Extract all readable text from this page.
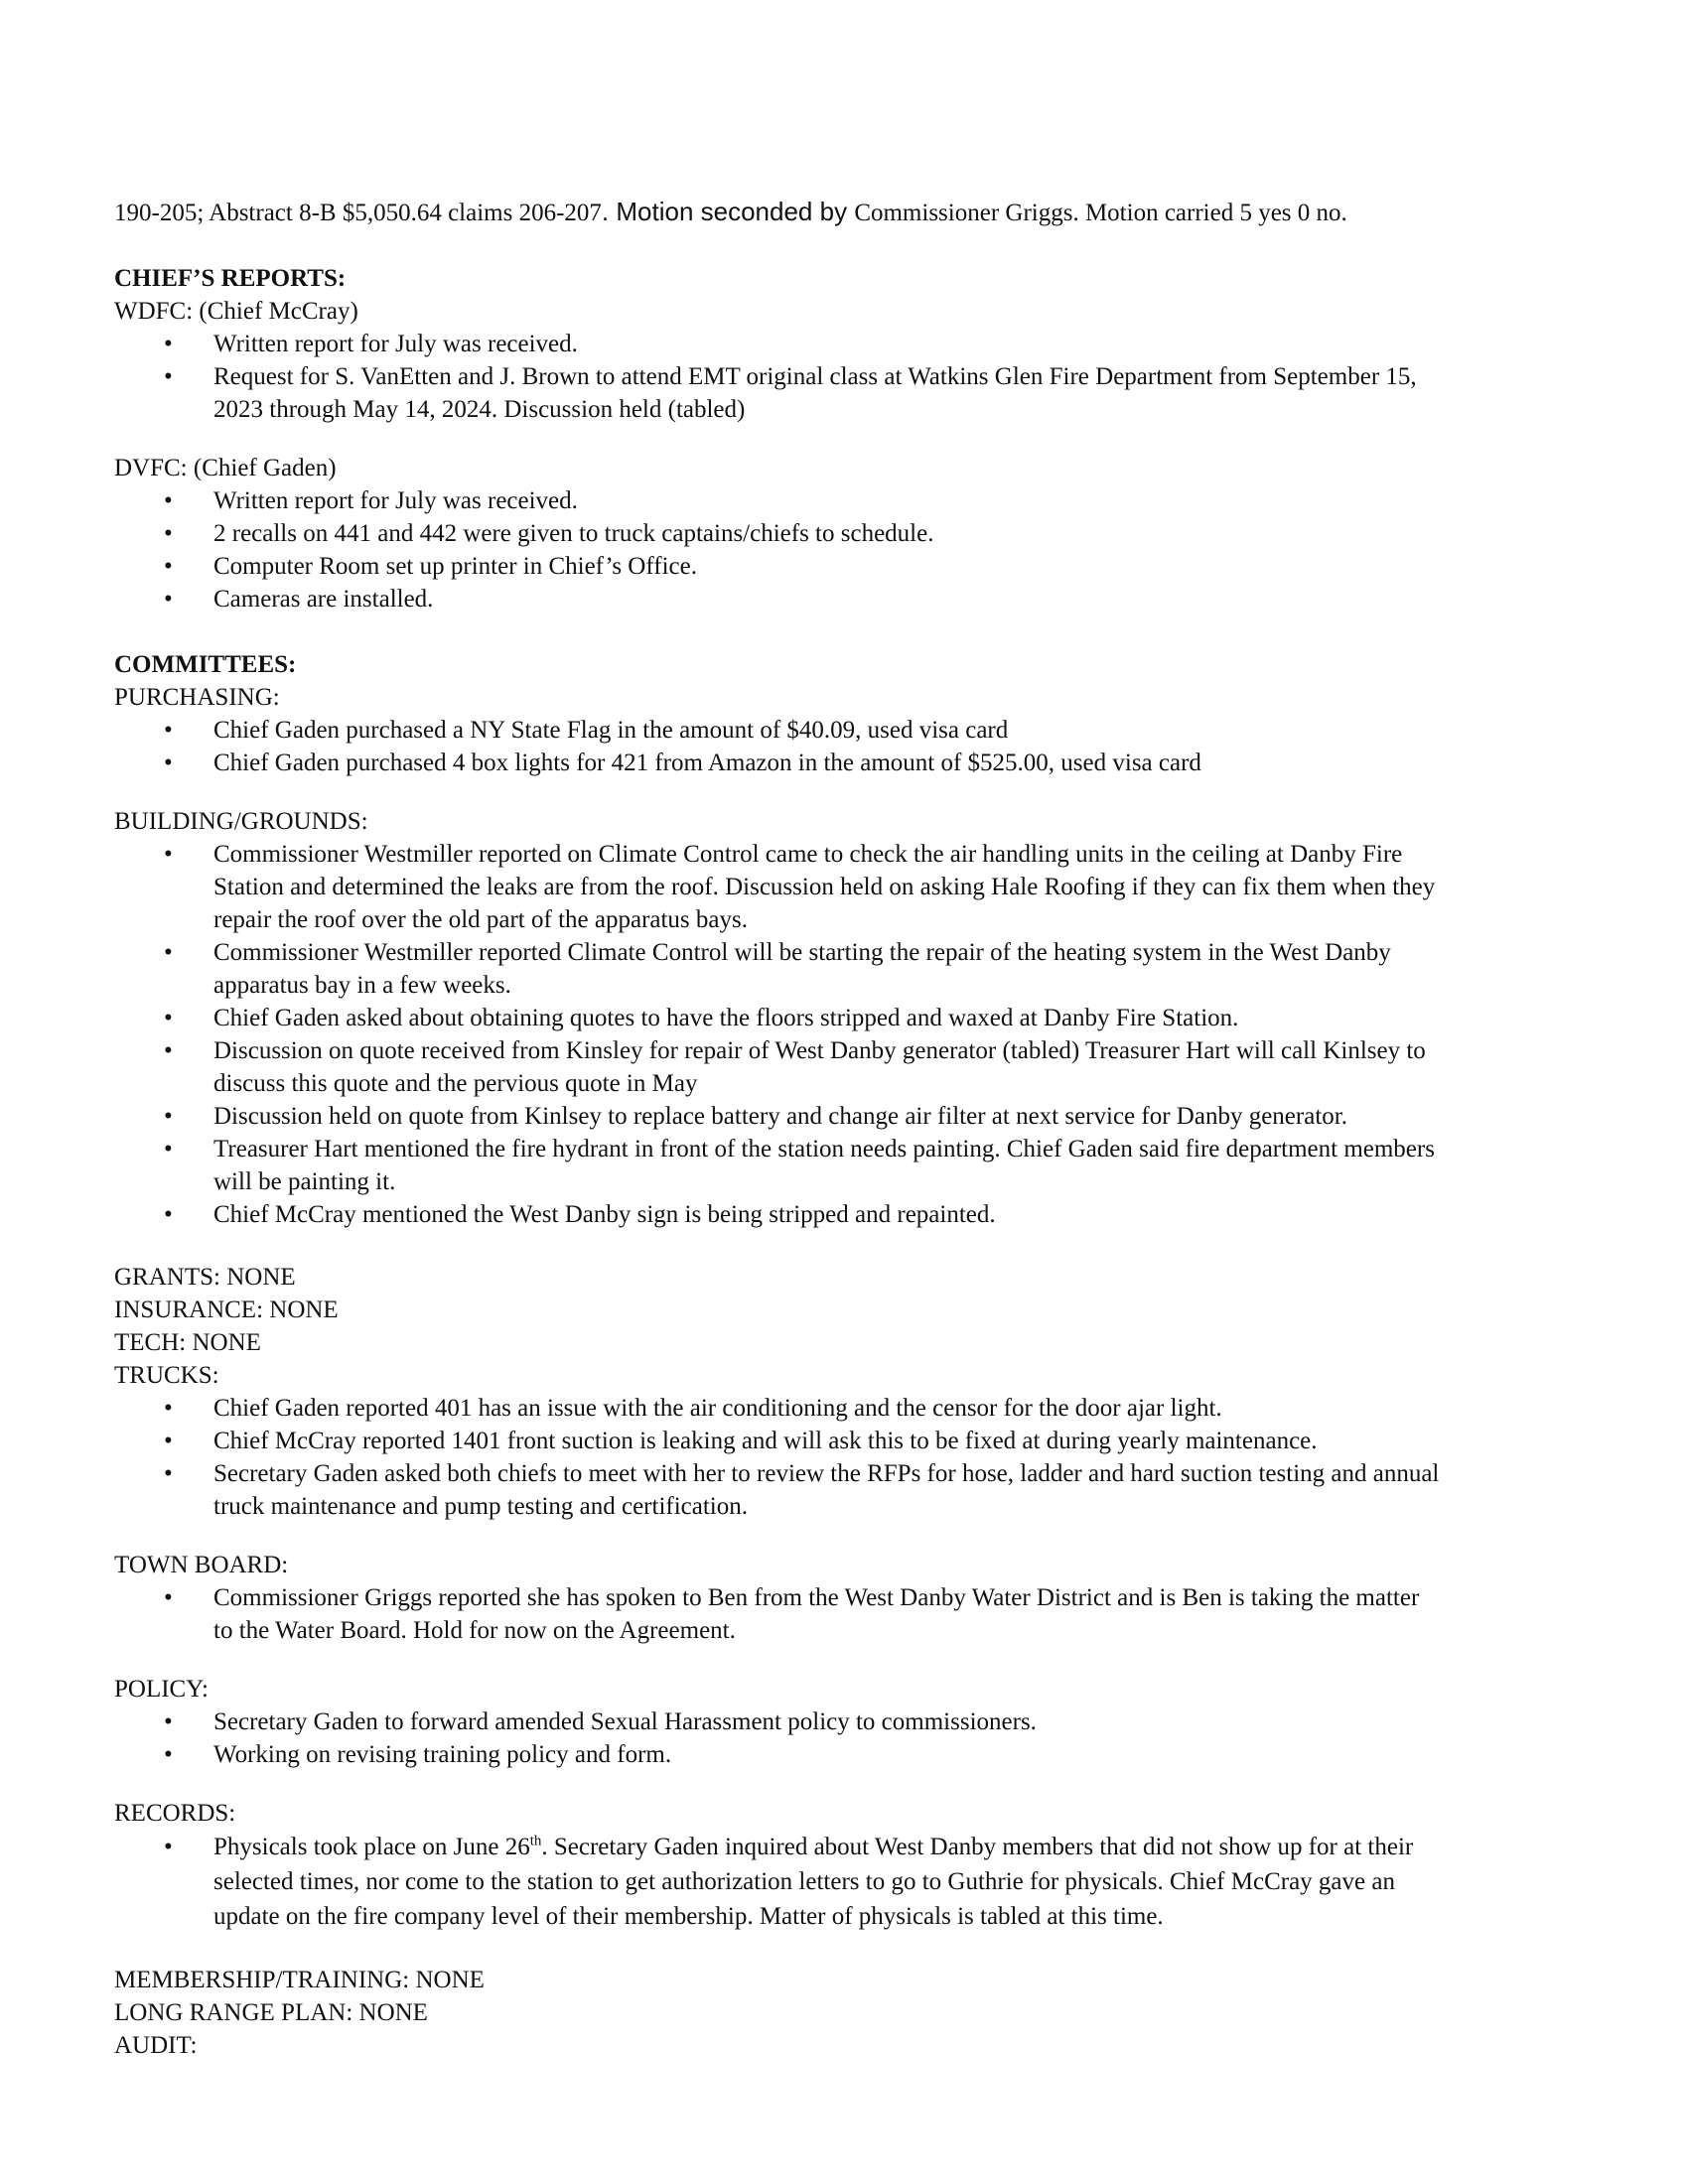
190-205; Abstract 8-B $5,050.64 claims 206-207. Motion seconded by Commissioner Griggs. Motion carried 5 yes 0 no.

CHIEF’S REPORTS:

WDFC: (Chief McCray)

• Written report for July was received.
• Request for S. VanEtten and J. Brown to attend EMT original class at Watkins Glen Fire Department from September 15,
2023 through May 14, 2024. Discussion held (tabled)

DVFC: (Chief Gaden)

• Written report for July was received.
• 2 recalls on 441 and 442 were given to truck captains/chiefs to schedule.
• Computer Room set up printer in Chief’s Office.
• Cameras are installed.

COMMITTEES:

PURCHASING:

• Chief Gaden purchased a NY State Flag in the amount of $40.09, used visa card
• Chief Gaden purchased 4 box lights for 421 from Amazon in the amount of $525.00, used visa card

BUILDING/GROUNDS:

• Commissioner Westmiller reported on Climate Control came to check the air handling units in the ceiling at Danby Fire
Station and determined the leaks are from the roof. Discussion held on asking Hale Roofing if they can fix them when they
repair the roof over the old part of the apparatus bays.
• Commissioner Westmiller reported Climate Control will be starting the repair of the heating system in the West Danby
apparatus bay in a few weeks.
• Chief Gaden asked about obtaining quotes to have the floors stripped and waxed at Danby Fire Station.
• Discussion on quote received from Kinsley for repair of West Danby generator (tabled) Treasurer Hart will call Kinlsey to
discuss this quote and the pervious quote in May
• Discussion held on quote from Kinlsey to replace battery and change air filter at next service for Danby generator.
• Treasurer Hart mentioned the fire hydrant in front of the station needs painting. Chief Gaden said fire department members
will be painting it.
• Chief McCray mentioned the West Danby sign is being stripped and repainted.

GRANTS: NONE

INSURANCE: NONE

TECH: NONE

TRUCKS:

• Chief Gaden reported 401 has an issue with the air conditioning and the censor for the door ajar light.
• Chief McCray reported 1401 front suction is leaking and will ask this to be fixed at during yearly maintenance.
• Secretary Gaden asked both chiefs to meet with her to review the RFPs for hose, ladder and hard suction testing and annual
truck maintenance and pump testing and certification.

TOWN BOARD:

• Commissioner Griggs reported she has spoken to Ben from the West Danby Water District and is Ben is taking the matter
to the Water Board. Hold for now on the Agreement.

POLICY:

• Secretary Gaden to forward amended Sexual Harassment policy to commissioners.
• Working on revising training policy and form.

RECORDS:

• Physicals took place on June 26th. Secretary Gaden inquired about West Danby members that did not show up for at their
selected times, nor come to the station to get authorization letters to go to Guthrie for physicals. Chief McCray gave an
update on the fire company level of their membership. Matter of physicals is tabled at this time.

MEMBERSHIP/TRAINING: NONE

LONG RANGE PLAN: NONE

AUDIT:
